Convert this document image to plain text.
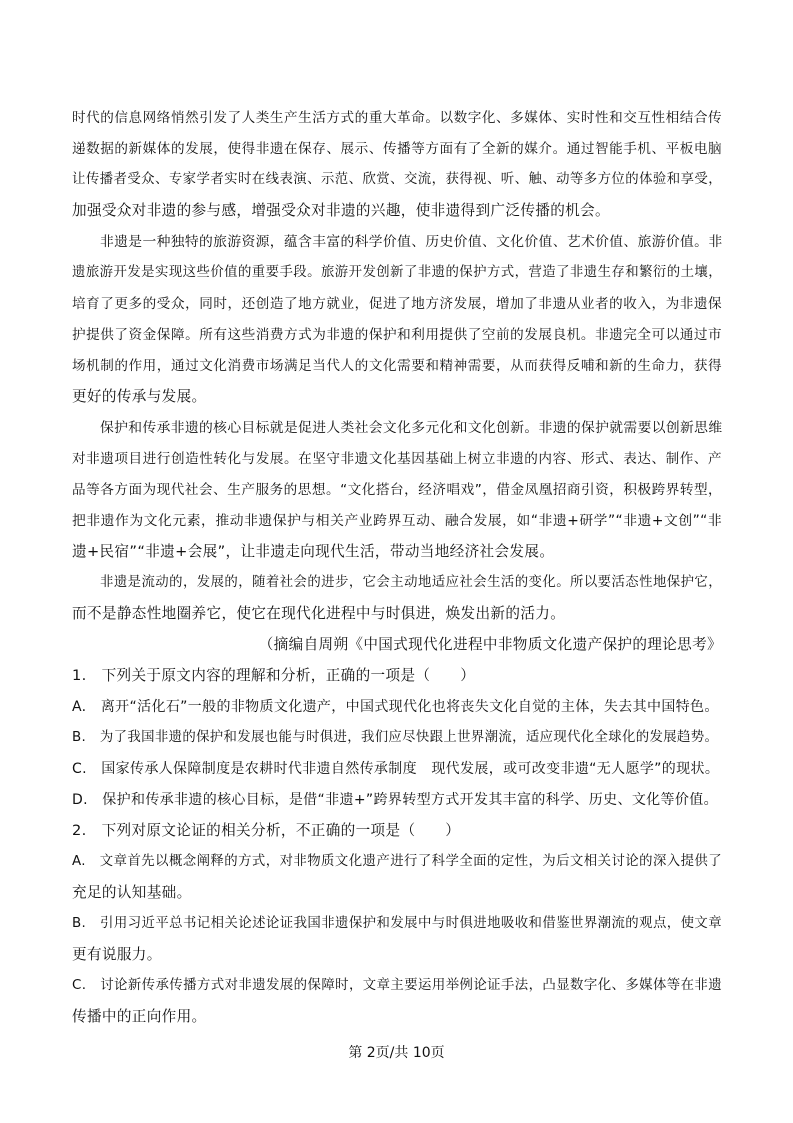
时代的信息网络悄然引发了人类生产生活方式的重大革命。以数字化、多媒体、实时性和交互性相结合传
递数据的新媒体的发展，使得非遗在保存、展示、传播等方面有了全新的媒介。通过智能手机、平板电脑
让传播者受众、专家学者实时在线表演、示范、欣赏、交流，获得视、听、触、动等多方位的体验和享受，
加强受众对非遗的参与感，增强受众对非遗的兴趣，使非遗得到广泛传播的机会。
非遗是一种独特的旅游资源，蕴含丰富的科学价值、历史价值、文化价值、艺术价值、旅游价值。非
遗旅游开发是实现这些价值的重要手段。旅游开发创新了非遗的保护方式，营造了非遗生存和繁衍的土壤，
培育了更多的受众，同时，还创造了地方就业，促进了地方济发展，增加了非遗从业者的收入，为非遗保
护提供了资金保障。所有这些消费方式为非遗的保护和利用提供了空前的发展良机。非遗完全可以通过市
场机制的作用，通过文化消费市场满足当代人的文化需要和精神需要，从而获得反哺和新的生命力，获得
更好的传承与发展。
保护和传承非遗的核心目标就是促进人类社会文化多元化和文化创新。非遗的保护就需要以创新思维
对非遗项目进行创造性转化与发展。在坚守非遗文化基因基础上树立非遗的内容、形式、表达、制作、产
品等各方面为现代社会、生产服务的思想。“文化搭台，经济唱戏”，借金凤凰招商引资，积极跨界转型，
把非遗作为文化元素，推动非遗保护与相关产业跨界互动、融合发展，如“非遗+研学”“非遗+文创”“非
遗+民宿”“非遗+会展”，让非遗走向现代生活，带动当地经济社会发展。
非遗是流动的，发展的，随着社会的进步，它会主动地适应社会生活的变化。所以要活态性地保护它，
而不是静态性地圈养它，使它在现代化进程中与时俱进，焕发出新的活力。
（摘编自周朔《中国式现代化进程中非物质文化遗产保护的理论思考》
1.　下列关于原文内容的理解和分析，正确的一项是（　　）
A.　离开“活化石”一般的非物质文化遗产，中国式现代化也将丧失文化自觉的主体，失去其中国特色。
B.　为了我国非遗的保护和发展也能与时俱进，我们应尽快跟上世界潮流，适应现代化全球化的发展趋势。
C.　国家传承人保障制度是农耕时代非遗自然传承制度　现代发展，或可改变非遗“无人愿学”的现状。
D.　保护和传承非遗的核心目标，是借“非遗+”跨界转型方式开发其丰富的科学、历史、文化等价值。
2.　下列对原文论证的相关分析，不正确的一项是（　　）
A.　文章首先以概念阐释的方式，对非物质文化遗产进行了科学全面的定性，为后文相关讨论的深入提供了
充足的认知基础。
B.　引用习近平总书记相关论述论证我国非遗保护和发展中与时俱进地吸收和借鉴世界潮流的观点，使文章
更有说服力。
C.　讨论新传承传播方式对非遗发展的保障时，文章主要运用举例论证手法，凸显数字化、多媒体等在非遗
传播中的正向作用。
第 2页/共 10页
